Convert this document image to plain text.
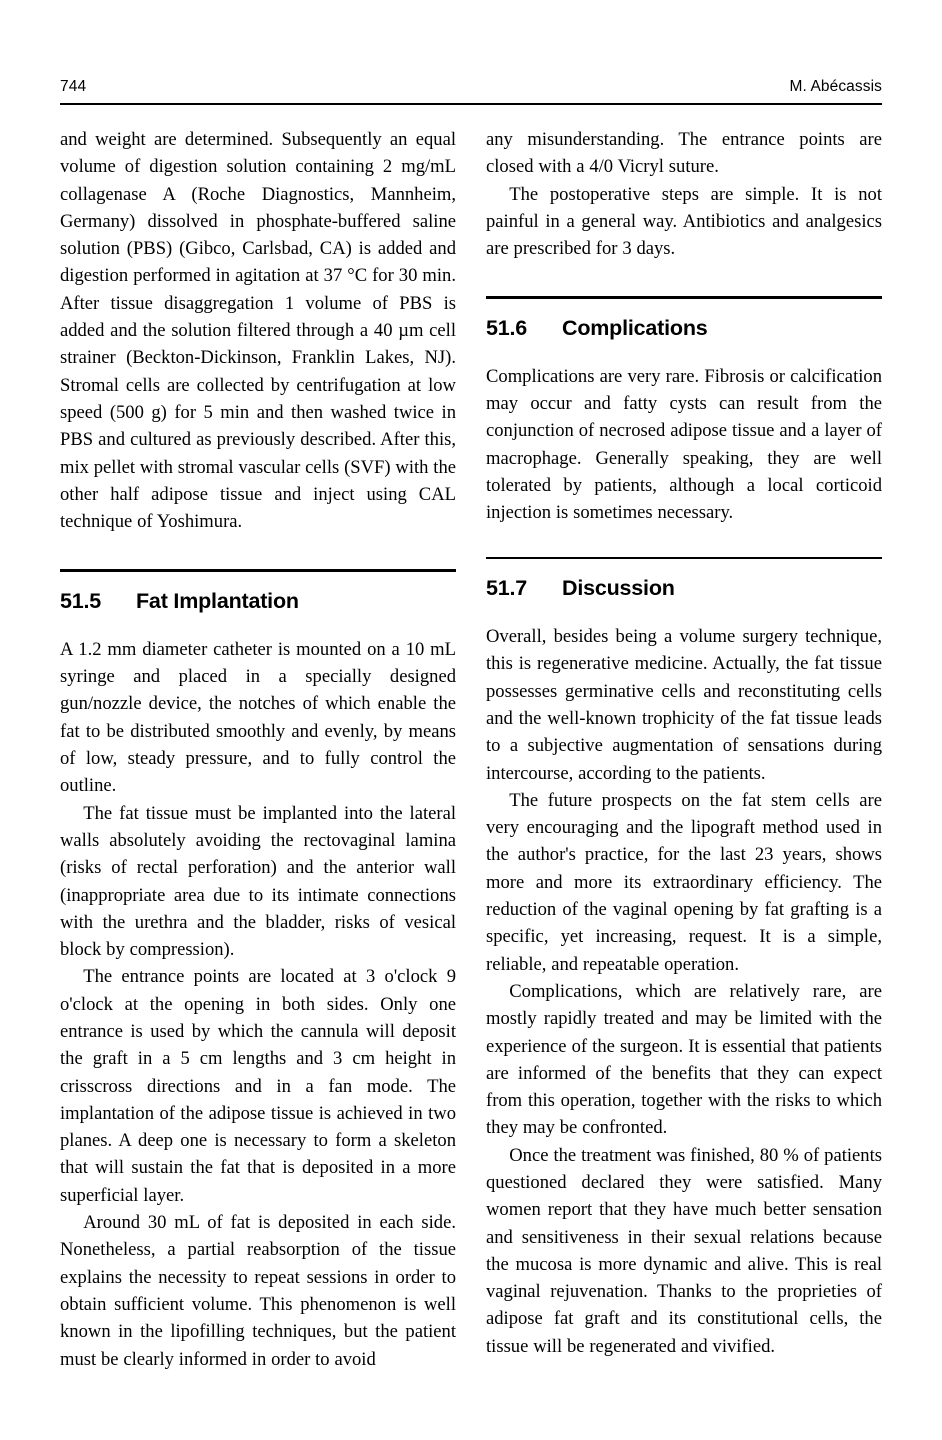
744	M. Abécassis

and weight are determined. Subsequently an equal volume of digestion solution containing 2 mg/mL collagenase A (Roche Diagnostics, Mannheim, Germany) dissolved in phosphate-buffered saline solution (PBS) (Gibco, Carlsbad, CA) is added and digestion performed in agitation at 37 °C for 30 min. After tissue disaggregation 1 volume of PBS is added and the solution filtered through a 40 µm cell strainer (Beckton-Dickinson, Franklin Lakes, NJ). Stromal cells are collected by centrifugation at low speed (500 g) for 5 min and then washed twice in PBS and cultured as previously described. After this, mix pellet with stromal vascular cells (SVF) with the other half adipose tissue and inject using CAL technique of Yoshimura.

51.5	Fat Implantation

A 1.2 mm diameter catheter is mounted on a 10 mL syringe and placed in a specially designed gun/nozzle device, the notches of which enable the fat to be distributed smoothly and evenly, by means of low, steady pressure, and to fully control the outline.

The fat tissue must be implanted into the lateral walls absolutely avoiding the rectovaginal lamina (risks of rectal perforation) and the anterior wall (inappropriate area due to its intimate connections with the urethra and the bladder, risks of vesical block by compression).

The entrance points are located at 3 o'clock 9 o'clock at the opening in both sides. Only one entrance is used by which the cannula will deposit the graft in a 5 cm lengths and 3 cm height in crisscross directions and in a fan mode. The implantation of the adipose tissue is achieved in two planes. A deep one is necessary to form a skeleton that will sustain the fat that is deposited in a more superficial layer.

Around 30 mL of fat is deposited in each side. Nonetheless, a partial reabsorption of the tissue explains the necessity to repeat sessions in order to obtain sufficient volume. This phenomenon is well known in the lipofilling techniques, but the patient must be clearly informed in order to avoid

any misunderstanding. The entrance points are closed with a 4/0 Vicryl suture.

The postoperative steps are simple. It is not painful in a general way. Antibiotics and analgesics are prescribed for 3 days.

51.6	Complications

Complications are very rare. Fibrosis or calcification may occur and fatty cysts can result from the conjunction of necrosed adipose tissue and a layer of macrophage. Generally speaking, they are well tolerated by patients, although a local corticoid injection is sometimes necessary.

51.7	Discussion

Overall, besides being a volume surgery technique, this is regenerative medicine. Actually, the fat tissue possesses germinative cells and reconstituting cells and the well-known trophicity of the fat tissue leads to a subjective augmentation of sensations during intercourse, according to the patients.

The future prospects on the fat stem cells are very encouraging and the lipograft method used in the author's practice, for the last 23 years, shows more and more its extraordinary efficiency. The reduction of the vaginal opening by fat grafting is a specific, yet increasing, request. It is a simple, reliable, and repeatable operation.

Complications, which are relatively rare, are mostly rapidly treated and may be limited with the experience of the surgeon. It is essential that patients are informed of the benefits that they can expect from this operation, together with the risks to which they may be confronted.

Once the treatment was finished, 80 % of patients questioned declared they were satisfied. Many women report that they have much better sensation and sensitiveness in their sexual relations because the mucosa is more dynamic and alive. This is real vaginal rejuvenation. Thanks to the proprieties of adipose fat graft and its constitutional cells, the tissue will be regenerated and vivified.
